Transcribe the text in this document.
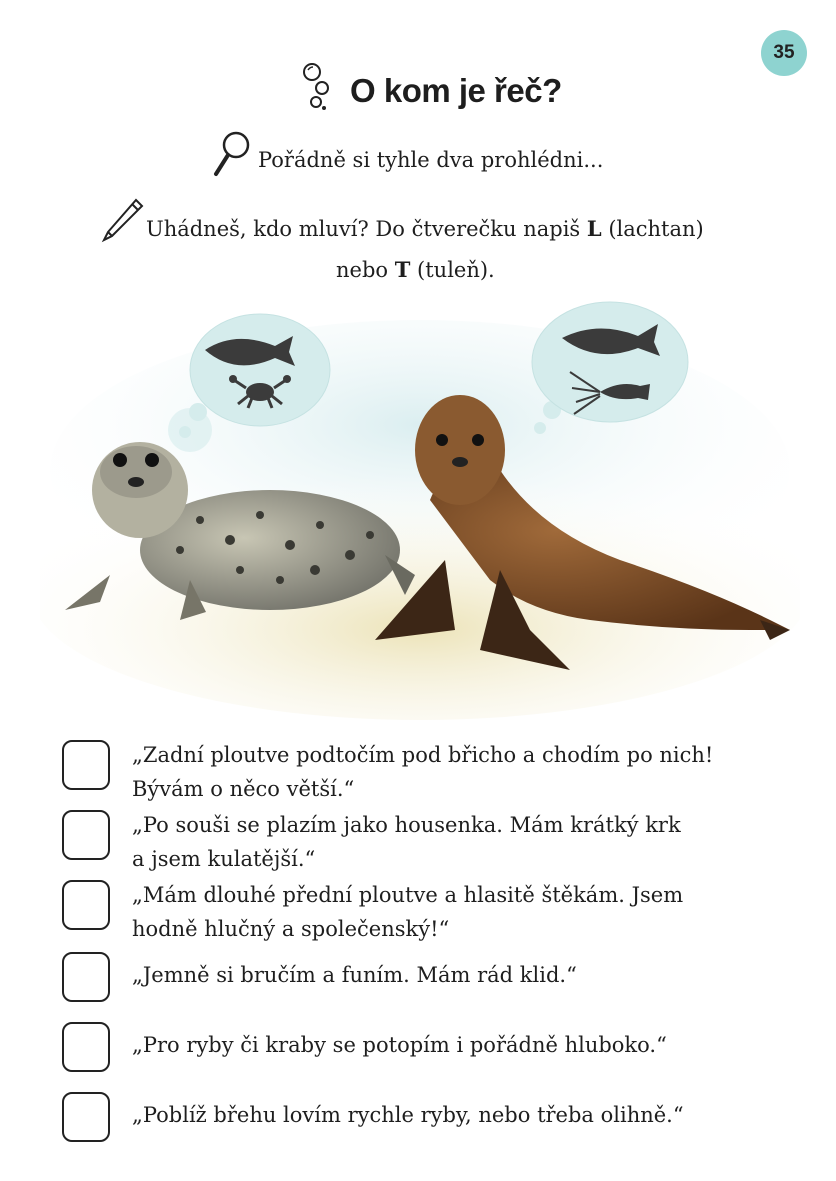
35
O kom je řeč?
Pořádně si tyhle dva prohlédni...
Uhádneš, kdo mluví? Do čtverečku napiš L (lachtan)
nebo T (tuleň).
„Zadní ploutve podtočím pod břicho a chodím po nich!
Bývám o něco větší.“
„Po souši se plazím jako housenka. Mám krátký krk
a jsem kulatější.“
„Mám dlouhé přední ploutve a hlasitě štěkám. Jsem
hodně hlučný a společenský!“
„Jemně si bručím a funím. Mám rád klid.“
„Pro ryby či kraby se potopím i pořádně hluboko.“
„Poblíž břehu lovím rychle ryby, nebo třeba olihně.“
